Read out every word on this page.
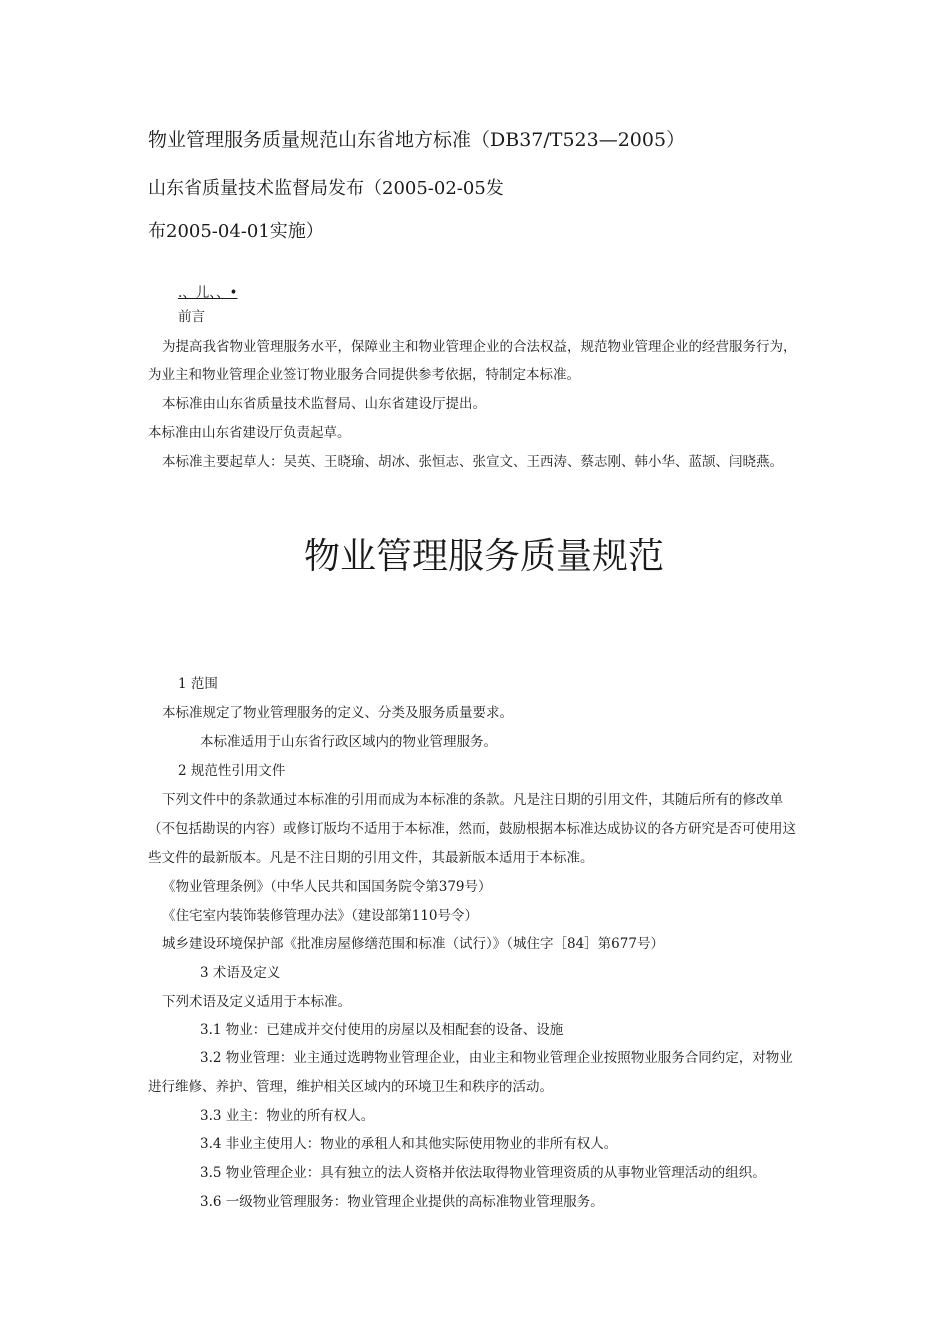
物业管理服务质量规范山东省地方标准（DB37/T523—2005）

山东省质量技术监督局发布（2005-02-05发

布2005-04-01实施）

.、儿、、•

前言

为提高我省物业管理服务水平，保障业主和物业管理企业的合法权益，规范物业管理企业的经营服务行为，

为业主和物业管理企业签订物业服务合同提供参考依据，特制定本标准。

本标准由山东省质量技术监督局、山东省建设厅提出。

本标准由山东省建设厅负责起草。

本标准主要起草人：吴英、王晓瑜、胡冰、张恒志、张宣文、王西涛、蔡志刚、韩小华、蓝颉、闫晓燕。

物业管理服务质量规范

1 范围

本标准规定了物业管理服务的定义、分类及服务质量要求。

本标准适用于山东省行政区域内的物业管理服务。

2 规范性引用文件

下列文件中的条款通过本标准的引用而成为本标准的条款。凡是注日期的引用文件，其随后所有的修改单

（不包括勘误的内容）或修订版均不适用于本标准，然而，鼓励根据本标准达成协议的各方研究是否可使用这

些文件的最新版本。凡是不注日期的引用文件，其最新版本适用于本标准。

《物业管理条例》（中华人民共和国国务院令第379号）

《住宅室内装饰装修管理办法》（建设部第110号令）

城乡建设环境保护部《批准房屋修缮范围和标准（试行）》（城住字［84］第677号）

3 术语及定义

下列术语及定义适用于本标准。

3.1 物业：已建成并交付使用的房屋以及相配套的设备、设施

3.2 物业管理：业主通过选聘物业管理企业，由业主和物业管理企业按照物业服务合同约定，对物业

进行维修、养护、管理，维护相关区域内的环境卫生和秩序的活动。

3.3 业主：物业的所有权人。

3.4 非业主使用人：物业的承租人和其他实际使用物业的非所有权人。

3.5 物业管理企业：具有独立的法人资格并依法取得物业管理资质的从事物业管理活动的组织。

3.6 一级物业管理服务：物业管理企业提供的高标准物业管理服务。
